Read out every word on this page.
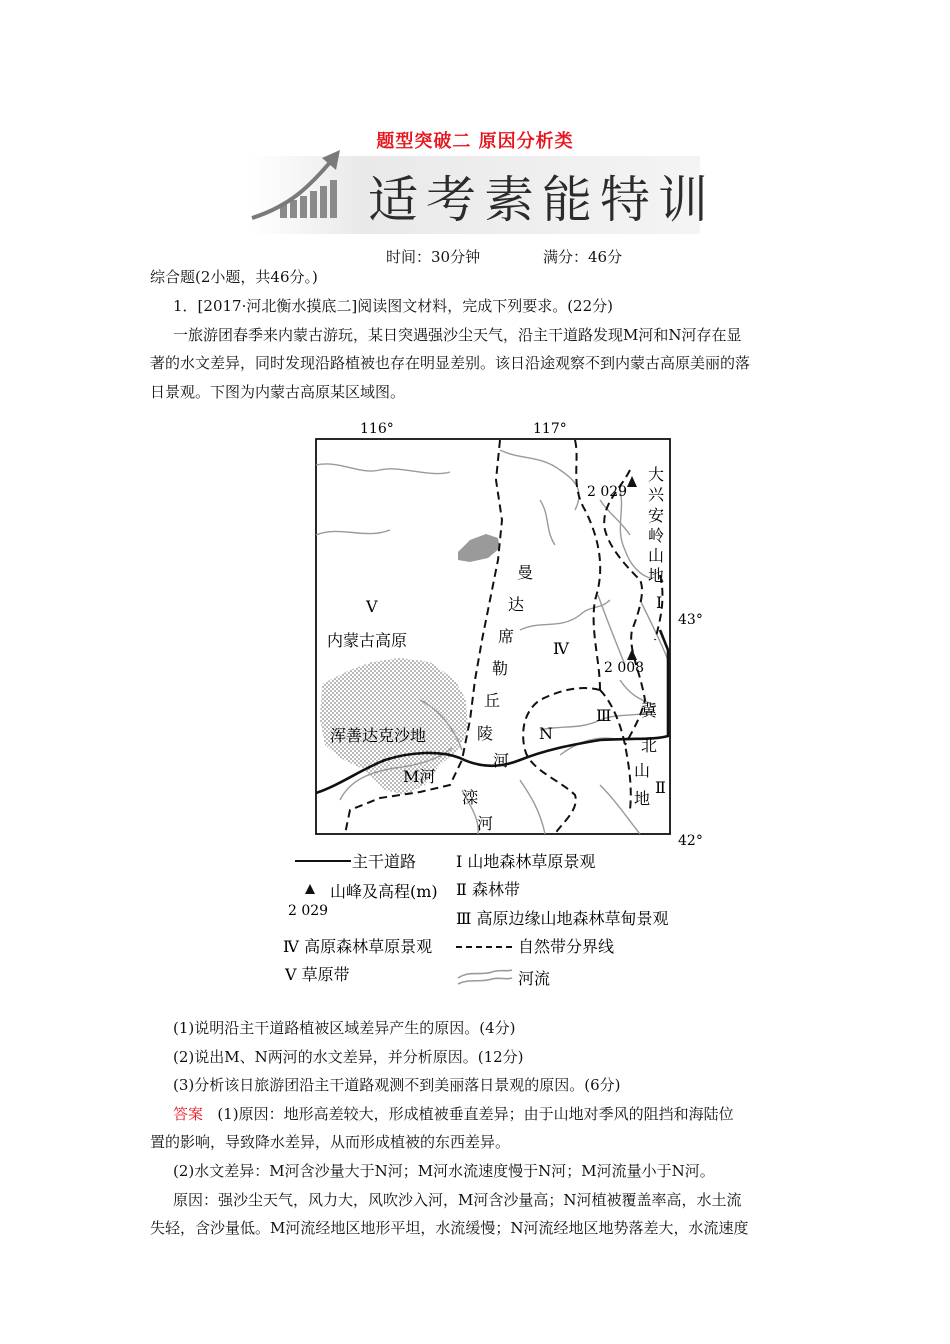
题型突破二 原因分析类
适考素能特训
时间：30分钟	满分：46分
综合题(2小题，共46分。)
1．[2017·河北衡水摸底二]阅读图文材料，完成下列要求。(22分)
一旅游团春季来内蒙古游玩，某日突遇强沙尘天气，沿主干道路发现M河和N河存在显
著的水文差异，同时发现沿路植被也存在明显差别。该日沿途观察不到内蒙古高原美丽的落
日景观。下图为内蒙古高原某区域图。
116°	117°
43°
42°
2 029
2 008
大
兴
安
岭
山
地
冀
北
山
地
曼
达
席
勒
丘
陵
河
滦
河
V
内蒙古高原	Ⅳ
Ⅲ
Ⅰ
Ⅱ
浑善达克沙地
M河
N
主干道路
山峰及高程(m)
2 029
Ⅰ 山地森林草原景观
Ⅱ 森林带
Ⅲ 高原边缘山地森林草甸景观
Ⅳ 高原森林草原景观
V 草原带
自然带分界线
河流
(1)说明沿主干道路植被区域差异产生的原因。(4分)
(2)说出M、N两河的水文差异，并分析原因。(12分)
(3)分析该日旅游团沿主干道路观测不到美丽落日景观的原因。(6分)
答案 (1)原因：地形高差较大，形成植被垂直差异；由于山地对季风的阻挡和海陆位
置的影响，导致降水差异，从而形成植被的东西差异。
(2)水文差异：M河含沙量大于N河；M河水流速度慢于N河；M河流量小于N河。
原因：强沙尘天气，风力大，风吹沙入河，M河含沙量高；N河植被覆盖率高，水土流
失轻，含沙量低。M河流经地区地形平坦，水流缓慢；N河流经地区地势落差大，水流速度
